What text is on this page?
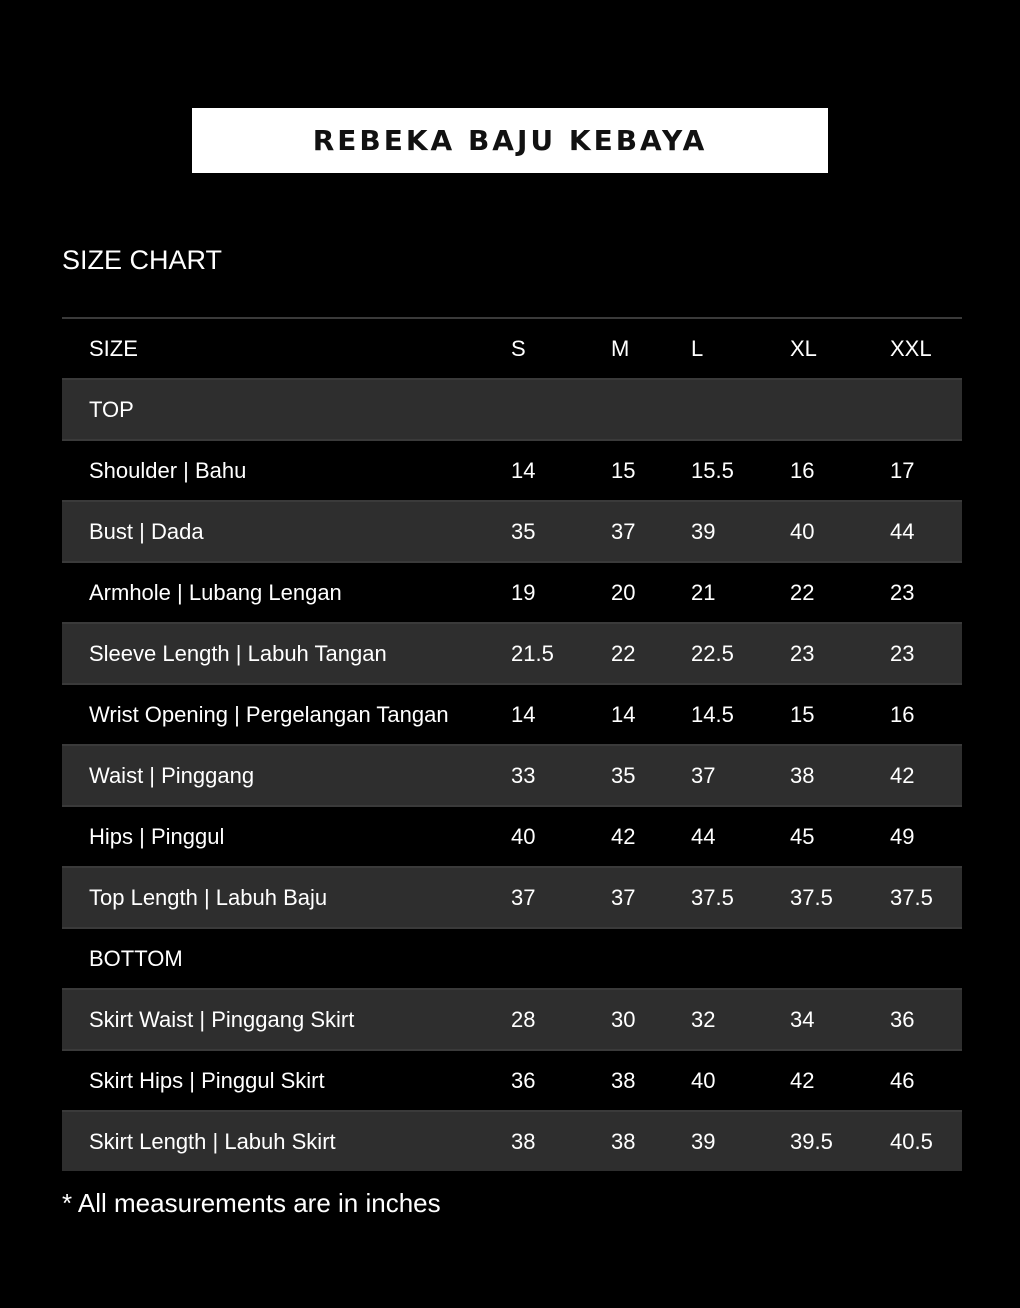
REBEKA BAJU KEBAYA
SIZE CHART
SIZE	S	M	L	XL	XXL
TOP
Shoulder | Bahu	14	15	15.5	16	17
Bust | Dada	35	37	39	40	44
Armhole | Lubang Lengan	19	20	21	22	23
Sleeve Length | Labuh Tangan	21.5	22	22.5	23	23
Wrist Opening | Pergelangan Tangan	14	14	14.5	15	16
Waist | Pinggang	33	35	37	38	42
Hips | Pinggul	40	42	44	45	49
Top Length | Labuh Baju	37	37	37.5	37.5	37.5
BOTTOM
Skirt Waist | Pinggang Skirt	28	30	32	34	36
Skirt Hips | Pinggul Skirt	36	38	40	42	46
Skirt Length | Labuh Skirt	38	38	39	39.5	40.5
* All measurements are in inches
